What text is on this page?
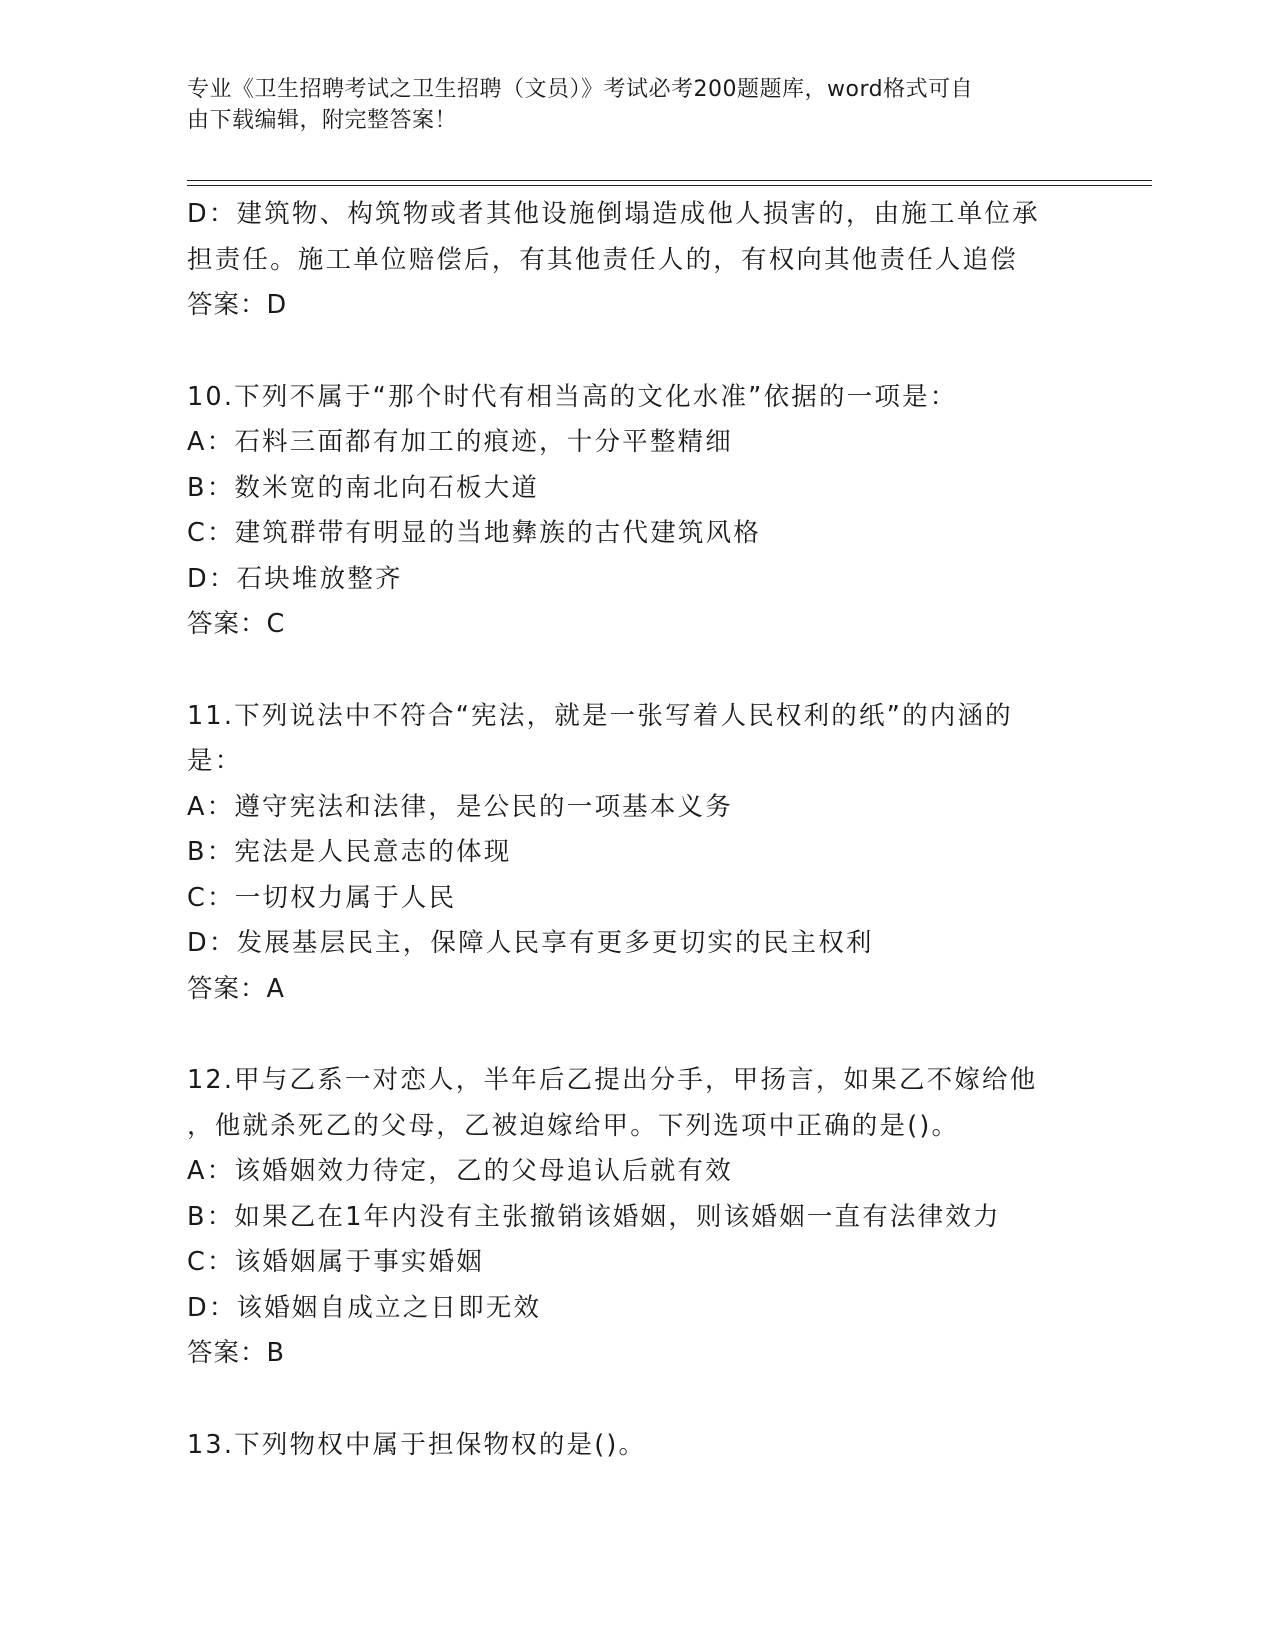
专业《卫生招聘考试之卫生招聘（文员）》考试必考200题题库，word格式可自
由下载编辑，附完整答案！
D：建筑物、构筑物或者其他设施倒塌造成他人损害的，由施工单位承
担责任。施工单位赔偿后，有其他责任人的，有权向其他责任人追偿
答案：D
10.下列不属于“那个时代有相当高的文化水准”依据的一项是：
A：石料三面都有加工的痕迹，十分平整精细
B：数米宽的南北向石板大道
C：建筑群带有明显的当地彝族的古代建筑风格
D：石块堆放整齐
答案：C
11.下列说法中不符合“宪法，就是一张写着人民权利的纸”的内涵的
是：
A：遵守宪法和法律，是公民的一项基本义务
B：宪法是人民意志的体现
C：一切权力属于人民
D：发展基层民主，保障人民享有更多更切实的民主权利
答案：A
12.甲与乙系一对恋人，半年后乙提出分手，甲扬言，如果乙不嫁给他
，他就杀死乙的父母，乙被迫嫁给甲。下列选项中正确的是()。
A：该婚姻效力待定，乙的父母追认后就有效
B：如果乙在1年内没有主张撤销该婚姻，则该婚姻一直有法律效力
C：该婚姻属于事实婚姻
D：该婚姻自成立之日即无效
答案：B
13.下列物权中属于担保物权的是()。
